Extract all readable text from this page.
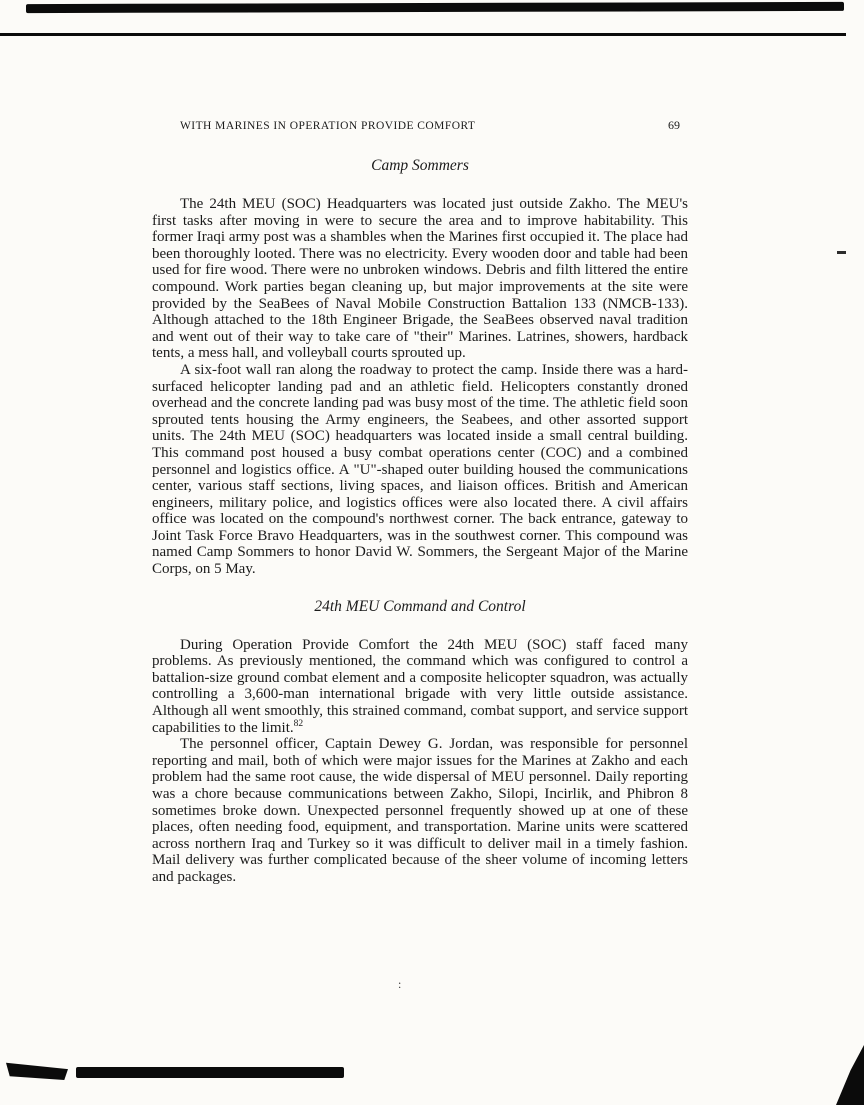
:
WITH MARINES IN OPERATION PROVIDE COMFORT	69
Camp Sommers

The 24th MEU (SOC) Headquarters was located just outside Zakho. The MEU's first tasks after moving in were to secure the area and to improve habitability. This former Iraqi army post was a shambles when the Marines first occupied it. The place had been thoroughly looted. There was no electricity. Every wooden door and table had been used for fire wood. There were no unbroken windows. Debris and filth littered the entire compound. Work parties began cleaning up, but major improvements at the site were provided by the SeaBees of Naval Mobile Construction Battalion 133 (NMCB-133). Although attached to the 18th Engineer Brigade, the SeaBees observed naval tradition and went out of their way to take care of "their" Marines. Latrines, showers, hardback tents, a mess hall, and volleyball courts sprouted up.

A six-foot wall ran along the roadway to protect the camp. Inside there was a hard-surfaced helicopter landing pad and an athletic field. Helicopters constantly droned overhead and the concrete landing pad was busy most of the time. The athletic field soon sprouted tents housing the Army engineers, the Seabees, and other assorted support units. The 24th MEU (SOC) headquarters was located inside a small central building. This command post housed a busy combat operations center (COC) and a combined personnel and logistics office. A "U"-shaped outer building housed the communications center, various staff sections, living spaces, and liaison offices. British and American engineers, military police, and logistics offices were also located there. A civil affairs office was located on the compound's northwest corner. The back entrance, gateway to Joint Task Force Bravo Headquarters, was in the southwest corner. This compound was named Camp Sommers to honor David W. Sommers, the Sergeant Major of the Marine Corps, on 5 May.

24th MEU Command and Control

During Operation Provide Comfort the 24th MEU (SOC) staff faced many problems. As previously mentioned, the command which was configured to control a battalion-size ground combat element and a composite helicopter squadron, was actually controlling a 3,600-man international brigade with very little outside assistance. Although all went smoothly, this strained command, combat support, and service support capabilities to the limit.$^{82}$

The personnel officer, Captain Dewey G. Jordan, was responsible for personnel reporting and mail, both of which were major issues for the Marines at Zakho and each problem had the same root cause, the wide dispersal of MEU personnel. Daily reporting was a chore because communications between Zakho, Silopi, Incirlik, and Phibron 8 sometimes broke down. Unexpected personnel frequently showed up at one of these places, often needing food, equipment, and transportation. Marine units were scattered across northern Iraq and Turkey so it was difficult to deliver mail in a timely fashion. Mail delivery was further complicated because of the sheer volume of incoming letters and packages.
